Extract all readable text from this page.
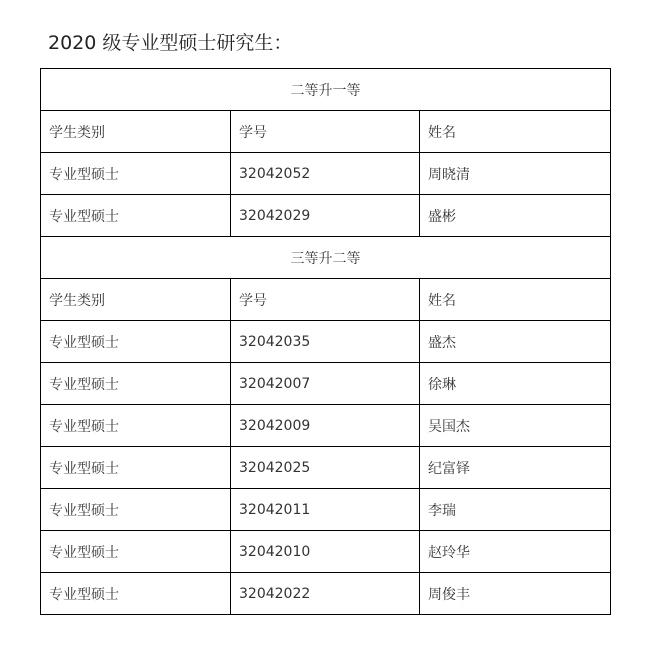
2020 级专业型硕士研究生：
二等升一等		
学生类别	学号	姓名
专业型硕士	32042052	周晓清
专业型硕士	32042029	盛彬
三等升二等		
学生类别	学号	姓名
专业型硕士	32042035	盛杰
专业型硕士	32042007	徐琳
专业型硕士	32042009	吴国杰
专业型硕士	32042025	纪富铎
专业型硕士	32042011	李瑞
专业型硕士	32042010	赵玲华
专业型硕士	32042022	周俊丰
